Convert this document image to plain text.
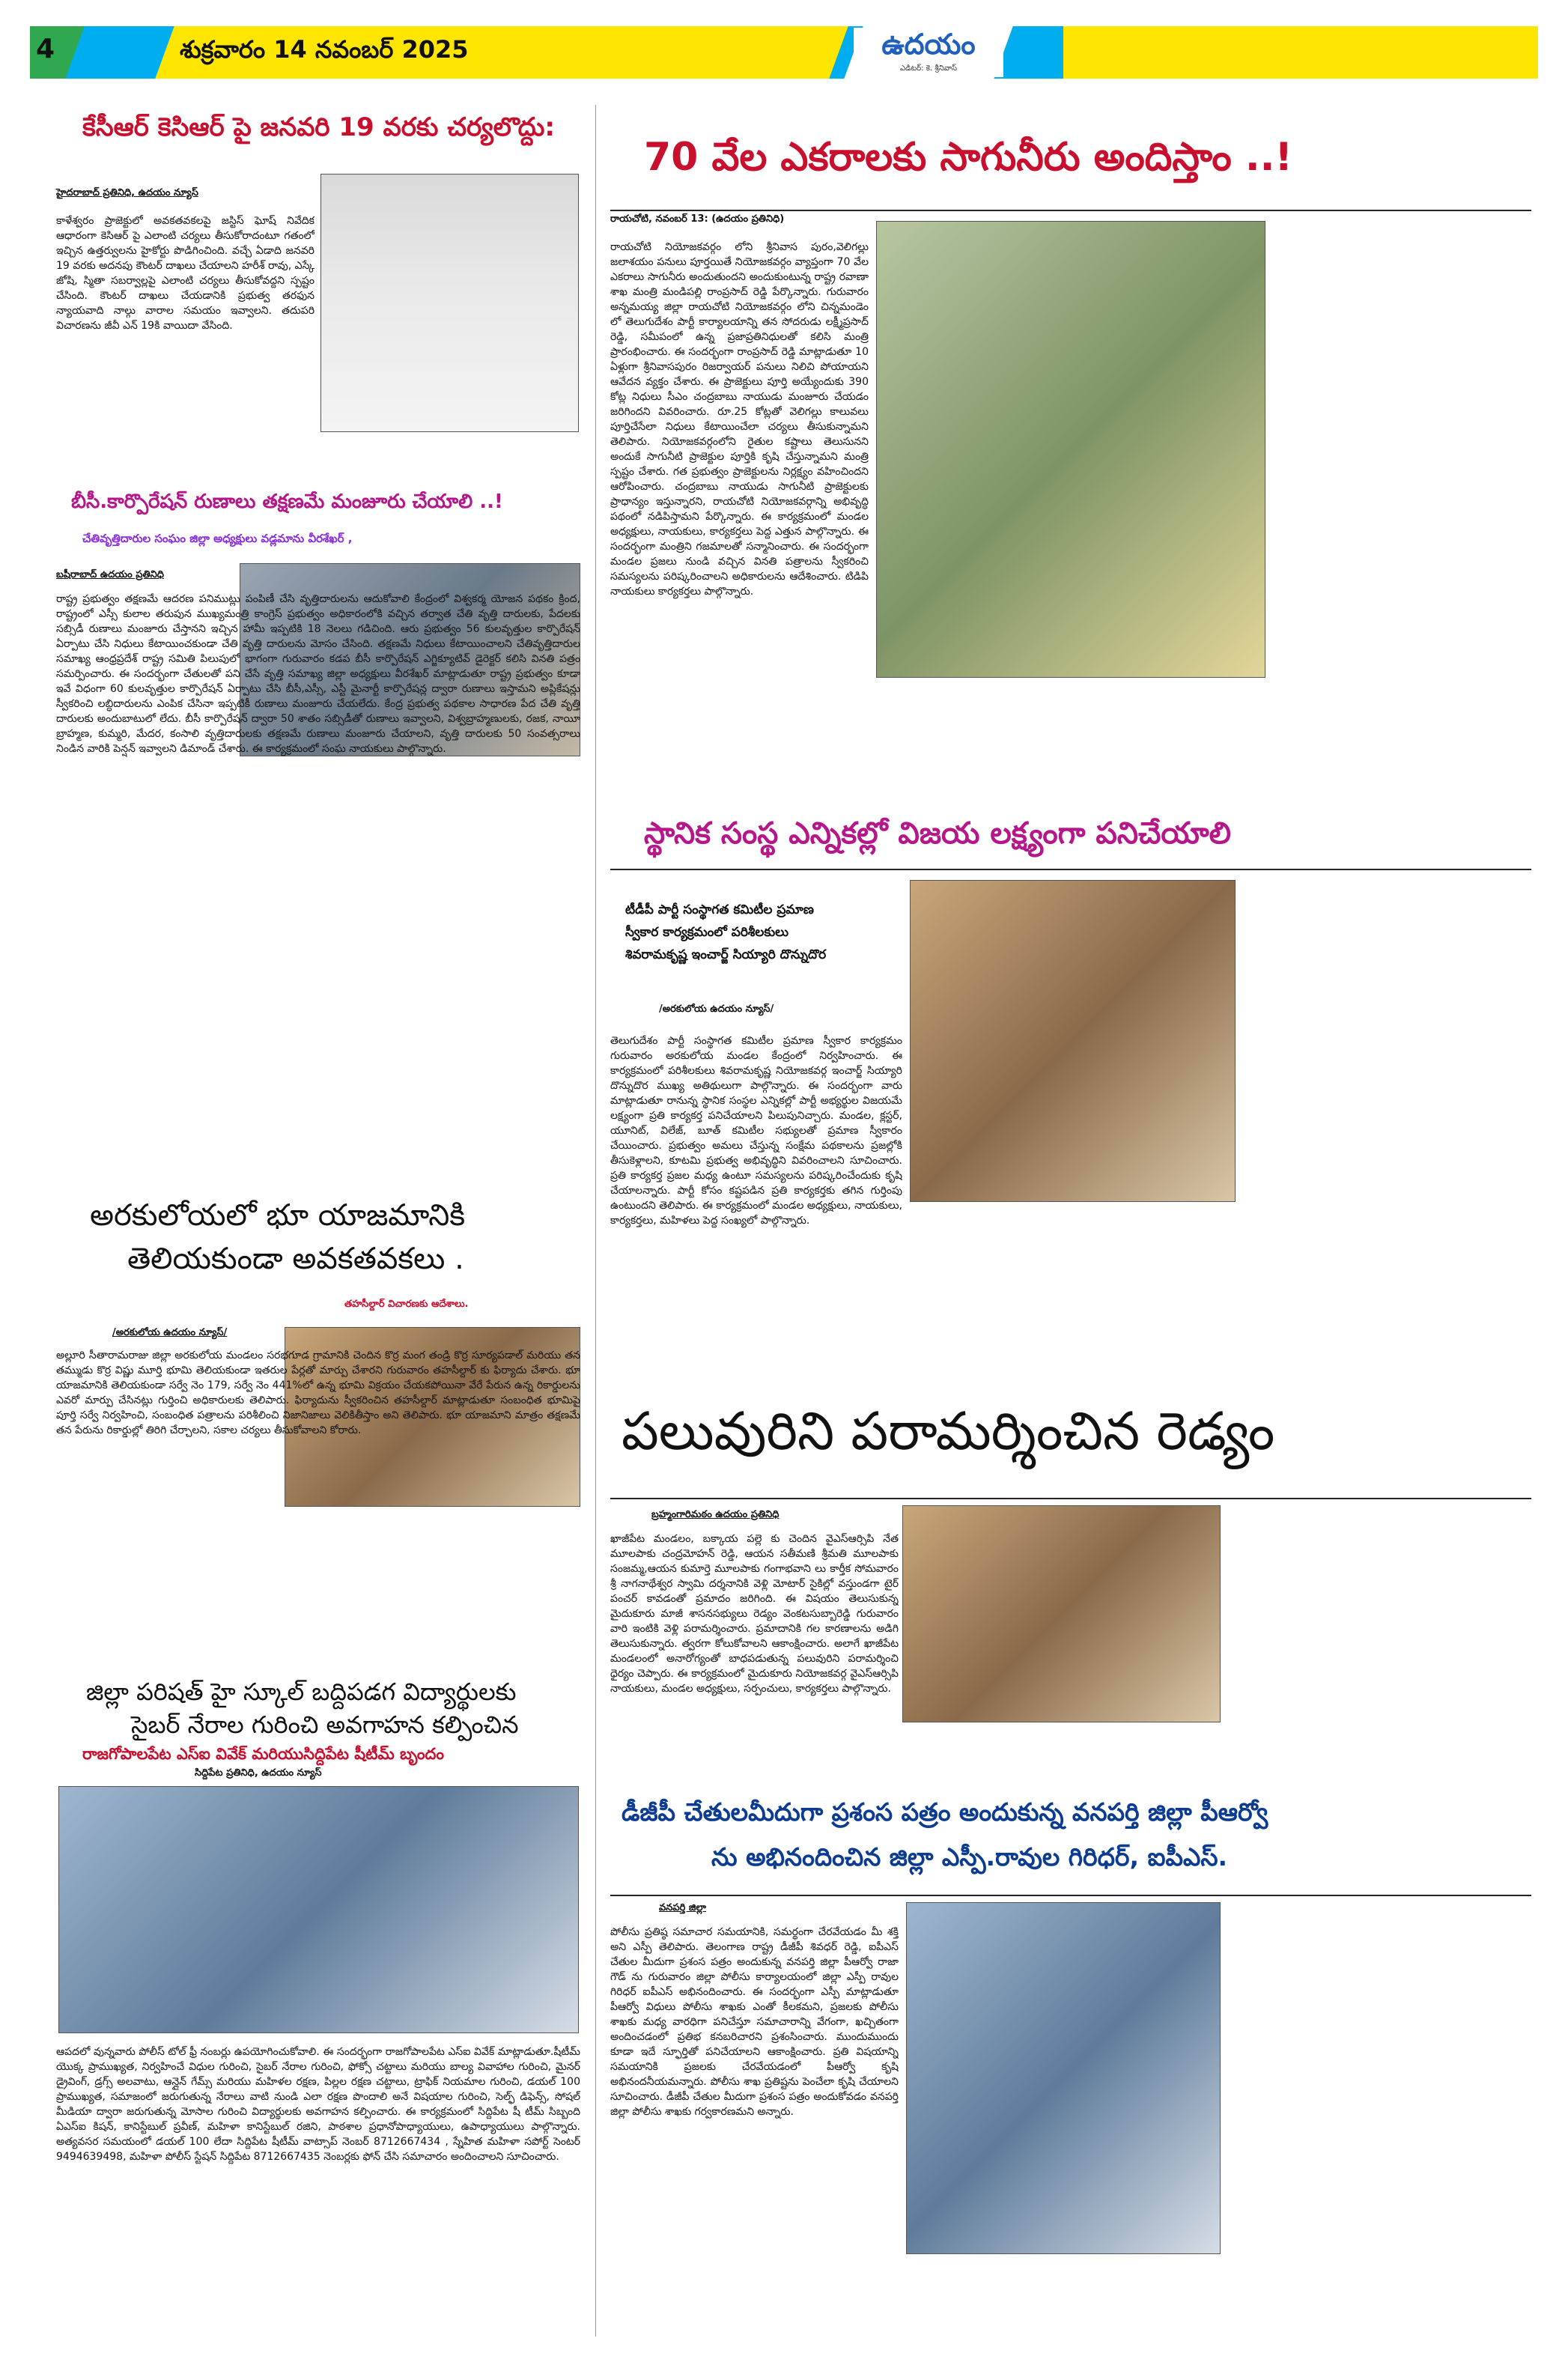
4	శుక్రవారం 14 నవంబర్ 2025	ఉదయం
ఎడిటర్: కె. శ్రీనివాస్
కేసీఆర్ కెసిఆర్ పై జనవరి 19 వరకు చర్యలొద్దు:
హైదరాబాద్ ప్రతినిధి, ఉదయం న్యూస్
కాళేశ్వరం ప్రాజెక్టులో అవకతవకలపై జస్టిస్ ఘోష్ నివేదిక ఆధారంగా కెసిఆర్ పై ఎలాంటి చర్యలు తీసుకోరాదంటూ గతంలో ఇచ్చిన ఉత్తర్వులను హైకోర్టు పొడిగించింది. వచ్చే ఏడాది జనవరి 19 వరకు అదనపు కౌంటర్ దాఖలు చేయాలని హరీశ్ రావు, ఎస్కే జోషి, స్మితా సబర్వాల్లపై ఎలాంటి చర్యలు తీసుకోవద్దని స్పష్టం చేసింది. కౌంటర్ దాఖలు చేయడానికి ప్రభుత్వ తరఫున న్యాయవాది నాల్గు వారాల సమయం ఇవ్వాలని. తదుపరి విచారణను జీవీ ఎన్ 19కి వాయిదా వేసింది.
బీసీ.కార్పొరేషన్ రుణాలు తక్షణమే మంజూరు చేయాలి ..!
చేతివృత్తిదారుల సంఘం జిల్లా అధ్యక్షులు వడ్లమాను వీరశేఖర్ ,
బషీరాబాద్ ఉదయం ప్రతినిధి
రాష్ట్ర ప్రభుత్వం తక్షణమే ఆదరణ పనిముట్లు పంపిణీ చేసి వృత్తిదారులను ఆదుకోవాలి కేంద్రంలో విశ్వకర్మ యోజన పథకం క్రింద, రాష్ట్రంలో ఎస్సీ కులాల తరుపున ముఖ్యమంత్రి కాంగ్రెస్ ప్రభుత్వం అధికారంలోకి వచ్చిన తర్వాత చేతి వృత్తి దారులకు, పేదలకు సబ్సిడీ రుణాలు మంజూరు చేస్తానని ఇచ్చిన హామీ ఇప్పటికి 18 నెలలు గడిచింది. ఆరు ప్రభుత్వం 56 కులవృత్తుల కార్పొరేషన్ ఏర్పాటు చేసి నిధులు కేటాయించకుండా చేతి వృత్తి దారులను మోసం చేసింది. తక్షణమే నిధులు కేటాయించాలని చేతివృత్తిదారుల సమాఖ్య ఆంధ్రప్రదేశ్ రాష్ట్ర సమితి పిలుపులో భాగంగా గురువారం కడప బీసీ కార్పొరేషన్ ఎగ్జిక్యూటివ్ డైరెక్టర్ కలిసి వినతి పత్రం సమర్పించారు. ఈ సందర్భంగా చేతులతో పని చేసే వృత్తి సమాఖ్య జిల్లా అధ్యక్షులు వీరశేఖర్ మాట్లాడుతూ రాష్ట్ర ప్రభుత్వం కూడా ఇవే విధంగా 60 కులవృత్తుల కార్పొరేషన్ ఏర్పాటు చేసి బీసీ,ఎస్సీ, ఎస్టీ మైనార్టీ కార్పొరేషన్ల ద్వారా రుణాలు ఇస్తామని అప్లికేషన్లు స్వీకరించి లబ్ధిదారులను ఎంపిక చేసినా ఇప్పటికీ రుణాలు మంజూరు చేయలేదు. కేంద్ర ప్రభుత్వ పథకాల సాధారణ పేద చేతి వృత్తి దారులకు అందుబాటులో లేదు. బీసీ కార్పొరేషన్ ద్వారా 50 శాతం సబ్సిడీతో రుణాలు ఇవ్వాలని, విశ్వబ్రాహ్మణులకు, రజక, నాయీ బ్రాహ్మణ, కుమ్మరి, మేదర, కంసాలి వృత్తిదారులకు తక్షణమే రుణాలు మంజూరు చేయాలని, వృత్తి దారులకు 50 సంవత్సరాలు నిండిన వారికి పెన్షన్ ఇవ్వాలని డిమాండ్ చేశారు. ఈ కార్యక్రమంలో సంఘ నాయకులు పాల్గొన్నారు.
అరకులోయలో భూ యాజమానికి
తెలియకుండా అవకతవకలు .
తహసీల్దార్ విచారణకు ఆదేశాలు.
/అరకులోయ ఉదయం న్యూస్/
అల్లూరి సీతారామరాజు జిల్లా అరకులోయ మండలం సరభగూడ గ్రామానికి చెందిన కొర్ర మంగ తండ్రి కొర్ర సూర్యపడాల్ మరియు తన తమ్ముడు కొర్ర విష్ణు మూర్తి భూమి తెలియకుండా ఇతరుల పేర్లతో మార్పు చేశారని గురువారం తహసీల్దార్ కు ఫిర్యాదు చేశారు. భూ యాజమానికి తెలియకుండా సర్వే నెం 179, సర్వే నెం 441%లో ఉన్న భూమి విక్రయం చేయకపోయినా వేరే పేరున ఉన్న రికార్డులను ఎవరో మార్పు చేసినట్లు గుర్తించి అధికారులకు తెలిపారు. ఫిర్యాదును స్వీకరించిన తహసీల్దార్ మాట్లాడుతూ సంబంధిత భూమిపై పూర్తి సర్వే నిర్వహించి, సంబంధిత పత్రాలను పరిశీలించి నిజానిజాలు వెలికితీస్తాం అని తెలిపారు. భూ యాజమాని మాత్రం తక్షణమే తన పేరును రికార్డుల్లో తిరిగి చేర్చాలని, సకాల చర్యలు తీసుకోవాలని కోరారు.
జిల్లా పరిషత్ హై స్కూల్ బద్దిపడగ విద్యార్థులకు
సైబర్ నేరాల గురించి అవగాహన కల్పించిన
రాజగోపాలపేట ఎస్ఐ వివేక్ మరియుసిద్దిపేట షీటీమ్ బృందం
సిద్దిపేట ప్రతినిధి, ఉదయం న్యూస్
ఆపదలో వున్నవారు పోలీస్ టోల్ ఫ్రీ నంబర్లు ఉపయోగించుకోవాలి. ఈ సందర్భంగా రాజగోపాలపేట ఎస్ఐ వివేక్ మాట్లాడుతూ.షీటీమ్ యొక్క ప్రాముఖ్యత, నిర్వహించే విధుల గురించి, సైబర్ నేరాల గురించి, ఫోక్సో చట్టాలు మరియు బాల్య వివాహాల గురించి, మైనర్ డ్రైవింగ్, డ్రగ్స్ అలవాటు, ఆన్లైన్ గేమ్స్ మరియు మహిళల రక్షణ, పిల్లల రక్షణ చట్టాలు, ట్రాఫిక్ నియమాల గురించి, డయల్ 100 ప్రాముఖ్యత, సమాజంలో జరుగుతున్న నేరాలు వాటి నుండి ఎలా రక్షణ పొందాలి అనే విషయాల గురించి, సెల్ఫ్ డిఫెన్స్, సోషల్ మీడియా ద్వారా జరుగుతున్న మోసాల గురించి విద్యార్థులకు అవగాహన కల్పించారు. ఈ కార్యక్రమంలో సిద్దిపేట షీ టీమ్ సిబ్బంది ఏఎస్ఐ కిషన్, కానిస్టేబుల్ ప్రవీణ్, మహిళా కానిస్టేబుల్ రజిని, పాఠశాల ప్రధానోపాధ్యాయులు, ఉపాధ్యాయులు పాల్గొన్నారు. అత్యవసర సమయంలో డయల్ 100 లేదా సిద్దిపేట షీటీమ్ వాట్సాప్ నెంబర్ 8712667434 , స్నేహిత మహిళా సపోర్ట్ సెంటర్ 9494639498, మహిళా పోలీస్ స్టేషన్ సిద్దిపేట 8712667435 నెంబర్లకు ఫోన్ చేసి సమాచారం అందించాలని సూచించారు.
70 వేల ఎకరాలకు సాగునీరు అందిస్తాం ..!
రాయచోటి, నవంబర్ 13: (ఉదయం ప్రతినిధి)
రాయచోటి నియోజకవర్గం లోని శ్రీనివాస పురం,వెలిగల్లు జలాశయం పనులు పూర్తయితే నియోజకవర్గం వ్యాప్తంగా 70 వేల ఎకరాలు సాగునీరు అందుతుందని అందుకుంటున్న రాష్ట్ర రవాణా శాఖ మంత్రి మండిపల్లి రాంప్రసాద్ రెడ్డి పేర్కొన్నారు. గురువారం అన్నమయ్య జిల్లా రాయచోటి నియోజకవర్గం లోని చిన్నమండెం లో తెలుగుదేశం పార్టీ కార్యాలయాన్ని తన సోదరుడు లక్ష్మీప్రసాద్ రెడ్డి, సమీపంలో ఉన్న ప్రజాప్రతినిధులతో కలిసి మంత్రి ప్రారంభించారు. ఈ సందర్భంగా రాంప్రసాద్ రెడ్డి మాట్లాడుతూ 10 ఏళ్లుగా శ్రీనివాసపురం రిజర్వాయర్ పనులు నిలిచి పోయాయని ఆవేదన వ్యక్తం చేశారు. ఈ ప్రాజెక్టులు పూర్తి అయ్యేందుకు 390 కోట్ల నిధులు సీఎం చంద్రబాబు నాయుడు మంజూరు చేయడం జరిగిందని వివరించారు. రూ.25 కోట్లతో వెలిగల్లు కాలువలు పూర్తిచేసేలా నిధులు కేటాయించేలా చర్యలు తీసుకున్నామని తెలిపారు. నియోజకవర్గంలోని రైతుల కష్టాలు తెలుసునని అందుకే సాగునీటి ప్రాజెక్టుల పూర్తికి కృషి చేస్తున్నామని మంత్రి స్పష్టం చేశారు. గత ప్రభుత్వం ప్రాజెక్టులను నిర్లక్ష్యం వహించిందని ఆరోపించారు. చంద్రబాబు నాయుడు సాగునీటి ప్రాజెక్టులకు ప్రాధాన్యం ఇస్తున్నారని, రాయచోటి నియోజకవర్గాన్ని అభివృద్ధి పథంలో నడిపిస్తామని పేర్కొన్నారు. ఈ కార్యక్రమంలో మండల అధ్యక్షులు, నాయకులు, కార్యకర్తలు పెద్ద ఎత్తున పాల్గొన్నారు. ఈ సందర్భంగా మంత్రిని గజమాలతో సన్మానించారు. ఈ సందర్భంగా మండల ప్రజలు నుండి వచ్చిన వినతి పత్రాలను స్వీకరించి సమస్యలను పరిష్కరించాలని అధికారులను ఆదేశించారు. టిడిపి నాయకులు కార్యకర్తలు పాల్గొన్నారు.
స్థానిక సంస్థ ఎన్నికల్లో విజయ లక్ష్యంగా పనిచేయాలి
టీడీపీ పార్టీ సంస్థాగత కమిటీల ప్రమాణ
స్వీకార కార్యక్రమంలో పరిశీలకులు
శివరామకృష్ణ ఇంచార్జ్ సియ్యారి దొన్నుదొర
/అరకులోయ ఉదయం న్యూస్/
తెలుగుదేశం పార్టీ సంస్థాగత కమిటీల ప్రమాణ స్వీకార కార్యక్రమం గురువారం అరకులోయ మండల కేంద్రంలో నిర్వహించారు. ఈ కార్యక్రమంలో పరిశీలకులు శివరామకృష్ణ నియోజకవర్గ ఇంచార్జ్ సియ్యారి దొన్నుదొర ముఖ్య అతిథులుగా పాల్గొన్నారు. ఈ సందర్భంగా వారు మాట్లాడుతూ రానున్న స్థానిక సంస్థల ఎన్నికల్లో పార్టీ అభ్యర్థుల విజయమే లక్ష్యంగా ప్రతి కార్యకర్త పనిచేయాలని పిలుపునిచ్చారు. మండల, క్లస్టర్, యూనిట్, విలేజ్, బూత్ కమిటీల సభ్యులతో ప్రమాణ స్వీకారం చేయించారు. ప్రభుత్వం అమలు చేస్తున్న సంక్షేమ పథకాలను ప్రజల్లోకి తీసుకెళ్లాలని, కూటమి ప్రభుత్వ అభివృద్ధిని వివరించాలని సూచించారు. ప్రతి కార్యకర్త ప్రజల మధ్య ఉంటూ సమస్యలను పరిష్కరించేందుకు కృషి చేయాలన్నారు. పార్టీ కోసం కష్టపడిన ప్రతి కార్యకర్తకు తగిన గుర్తింపు ఉంటుందని తెలిపారు. ఈ కార్యక్రమంలో మండల అధ్యక్షులు, నాయకులు, కార్యకర్తలు, మహిళలు పెద్ద సంఖ్యలో పాల్గొన్నారు.
పలువురిని పరామర్శించిన రెడ్యం
బ్రహ్మంగారిమఠం ఉదయం ప్రతినిధి
ఖాజీపేట మండలం, బక్కాయ పల్లె కు చెందిన వైఎస్ఆర్సిపి నేత మూలపాకు చంద్రమోహన్ రెడ్డి, ఆయన సతీమణి శ్రీమతి మూలపాకు సంజమ్మ,ఆయన కుమార్తె మూలపాకు గంగాభవాని లు కార్తీక సోమవారం శ్రీ నాగనాథేశ్వర స్వామి దర్శనానికి వెళ్లి మోటార్ సైకిల్లో వస్తుండగా టైర్ పంచర్ కావడంతో ప్రమాదం జరిగింది. ఈ విషయం తెలుసుకున్న మైదుకూరు మాజీ శాసనసభ్యులు రెడ్యం వెంకటసుబ్బారెడ్డి గురువారం వారి ఇంటికి వెళ్లి పరామర్శించారు. ప్రమాదానికి గల కారణాలను అడిగి తెలుసుకున్నారు. త్వరగా కోలుకోవాలని ఆకాంక్షించారు. అలాగే ఖాజీపేట మండలంలో అనారోగ్యంతో బాధపడుతున్న పలువురిని పరామర్శించి ధైర్యం చెప్పారు. ఈ కార్యక్రమంలో మైదుకూరు నియోజకవర్గ వైఎస్ఆర్సిపి నాయకులు, మండల అధ్యక్షులు, సర్పంచులు, కార్యకర్తలు పాల్గొన్నారు.
డీజీపీ చేతులమీదుగా ప్రశంస పత్రం అందుకున్న వనపర్తి జిల్లా పీఆర్వో
ను అభినందించిన జిల్లా ఎస్పీ.రావుల గిరిధర్, ఐపీఎస్.
వనపర్తి జిల్లా
పోలీసు ప్రతిష్ఠ సమాచార సమయానికి, సమర్థంగా చేరవేయడం మీ శక్తి అని ఎస్పీ తెలిపారు. తెలంగాణ రాష్ట్ర డీజీపీ శివధర్ రెడ్డి, ఐపీఎస్ చేతుల మీదుగా ప్రశంస పత్రం అందుకున్న వనపర్తి జిల్లా పీఆర్వో రాజా గౌడ్ ను గురువారం జిల్లా పోలీసు కార్యాలయంలో జిల్లా ఎస్పీ రావుల గిరిధర్ ఐపీఎస్ అభినందించారు. ఈ సందర్భంగా ఎస్పీ మాట్లాడుతూ పీఆర్వో విధులు పోలీసు శాఖకు ఎంతో కీలకమని, ప్రజలకు పోలీసు శాఖకు మధ్య వారధిగా పనిచేస్తూ సమాచారాన్ని వేగంగా, ఖచ్చితంగా అందించడంలో ప్రతిభ కనబరిచారని ప్రశంసించారు. ముందుముందు కూడా ఇదే స్ఫూర్తితో పనిచేయాలని ఆకాంక్షించారు. ప్రతి విషయాన్ని సమయానికి ప్రజలకు చేరవేయడంలో పీఆర్వో కృషి అభినందనీయమన్నారు. పోలీసు శాఖ ప్రతిష్టను పెంచేలా కృషి చేయాలని సూచించారు. డీజీపీ చేతుల మీదుగా ప్రశంస పత్రం అందుకోవడం వనపర్తి జిల్లా పోలీసు శాఖకు గర్వకారణమని అన్నారు.
